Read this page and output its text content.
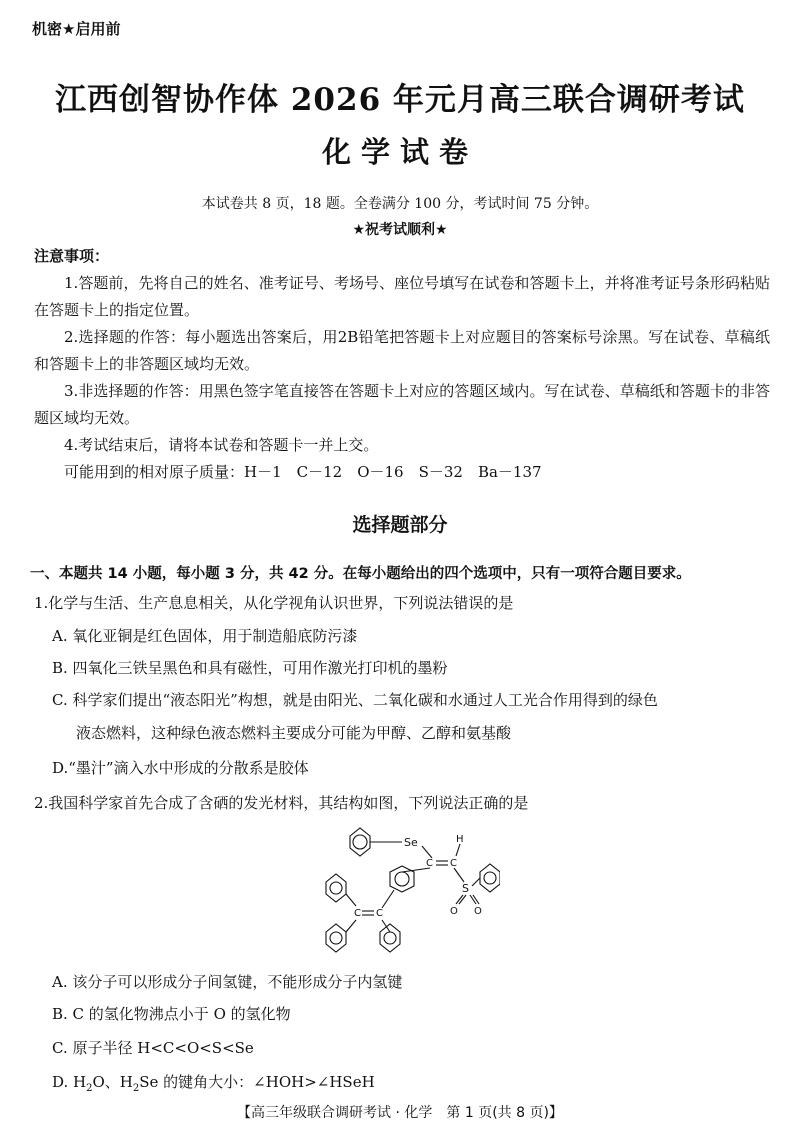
机密★启用前
江西创智协作体 2026 年元月高三联合调研考试
化学试卷
本试卷共 8 页，18 题。全卷满分 100 分，考试时间 75 分钟。
★祝考试顺利★
注意事项：
1.答题前，先将自己的姓名、准考证号、考场号、座位号填写在试卷和答题卡上，并将准考证号条形码粘贴在答题卡上的指定位置。
2.选择题的作答：每小题选出答案后，用2B铅笔把答题卡上对应题目的答案标号涂黑。写在试卷、草稿纸和答题卡上的非答题区域均无效。
3.非选择题的作答：用黑色签字笔直接答在答题卡上对应的答题区域内。写在试卷、草稿纸和答题卡的非答题区域均无效。
4.考试结束后，请将本试卷和答题卡一并上交。
可能用到的相对原子质量：H－1　C－12　O－16　S－32　Ba－137
选择题部分
一、本题共 14 小题，每小题 3 分，共 42 分。在每小题给出的四个选项中，只有一项符合题目要求。
1.化学与生活、生产息息相关，从化学视角认识世界，下列说法错误的是
A. 氧化亚铜是红色固体，用于制造船底防污漆
B. 四氧化三铁呈黑色和具有磁性，可用作激光打印机的墨粉
C. 科学家们提出“液态阳光”构想，就是由阳光、二氧化碳和水通过人工光合作用得到的绿色
液态燃料，这种绿色液态燃料主要成分可能为甲醇、乙醇和氨基酸
D.“墨汁”滴入水中形成的分散系是胶体
2.我国科学家首先合成了含硒的发光材料，其结构如图，下列说法正确的是
Se
C C
H
S
O O
C C
A. 该分子可以形成分子间氢键，不能形成分子内氢键
B. C 的氢化物沸点小于 O 的氢化物
C. 原子半径 H<C<O<S<Se
D. $H_2O$、$H_2Se$ 的键角大小：∠HOH>∠HSeH
【高三年级联合调研考试 · 化学　第 1 页(共 8 页)】
